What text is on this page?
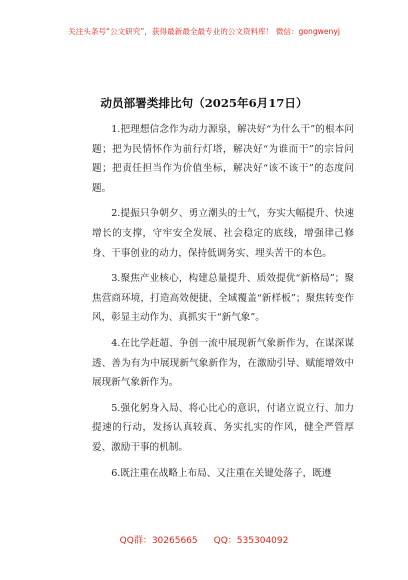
关注头条号“公文研究”，获得最新最全最专业的公文资料库！ 微信：gongwenyj
动员部署类排比句（2025年6月17日）

1.把理想信念作为动力源泉，解决好“为什么干”的根本问题；把为民情怀作为前行灯塔，解决好“为谁而干”的宗旨问题；把责任担当作为价值坐标，解决好“该不该干”的态度问题。

2.提振只争朝夕、勇立潮头的士气，夯实大幅提升、快速增长的支撑，守牢安全发展、社会稳定的底线，增强律己修身、干事创业的动力，保持低调务实、埋头苦干的本色。

3.聚焦产业核心，构建总量提升、质效提优“新格局”；聚焦营商环境，打造高效便捷、全域覆盖“新样板”；聚焦转变作风，彰显主动作为、真抓实干“新气象”。

4.在比学赶超、争创一流中展现新气象新作为，在谋深谋透、善为有为中展现新气象新作为，在激励引导、赋能增效中展现新气象新作为。

5.强化躬身入局、将心比心的意识，付诸立说立行、加力提速的行动，发扬认真较真、务实扎实的作风，健全严管厚爱、激励干事的机制。

6.既注重在战略上布局、又注重在关键处落子，既遵

QQ群：30265665 QQ：535304092
